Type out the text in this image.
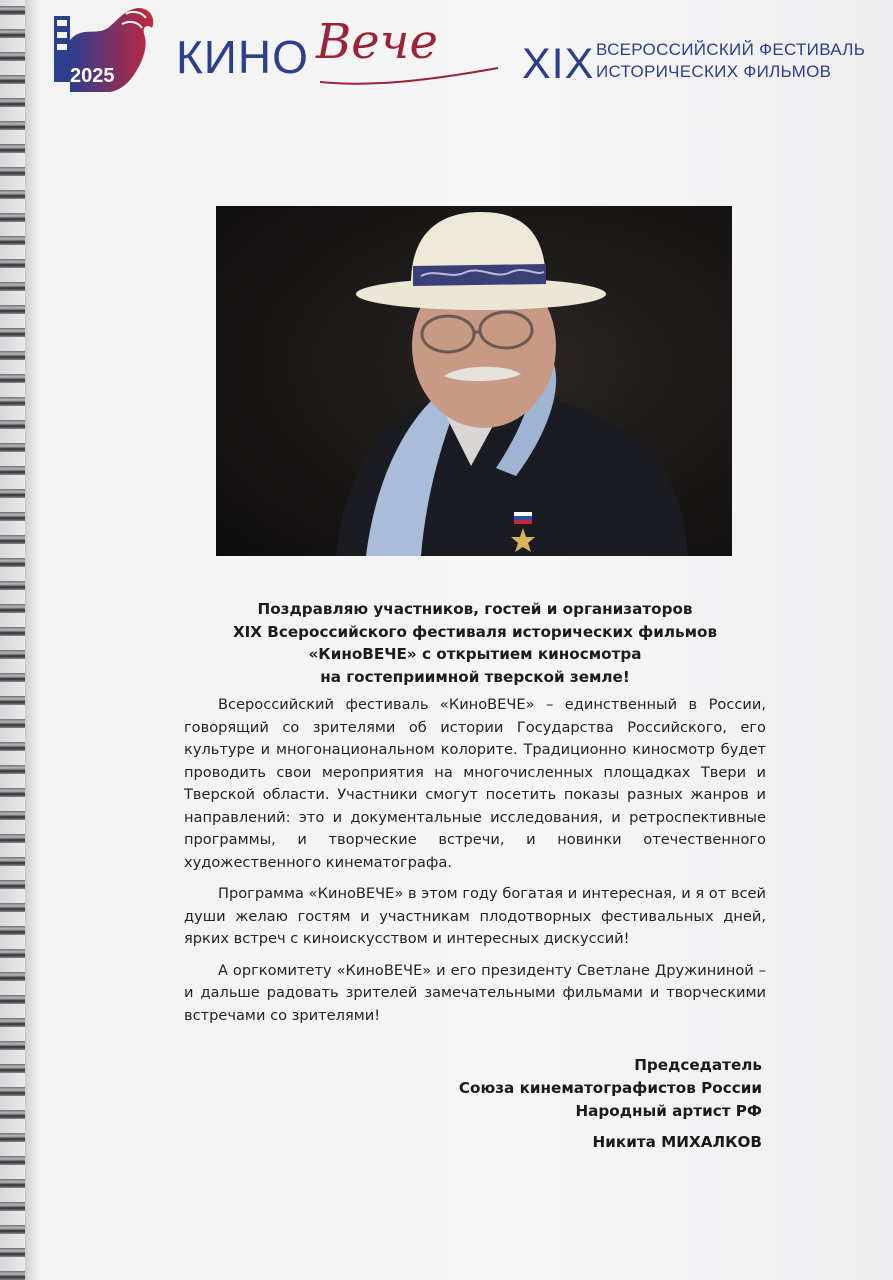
2025 КИНО Вече XIX ВСЕРОССИЙСКИЙ ФЕСТИВАЛЬ
ИСТОРИЧЕСКИХ ФИЛЬМОВ
Поздравляю участников, гостей и организаторов
XIX Всероссийского фестиваля исторических фильмов
«КиноВЕЧЕ» с открытием киносмотра
на гостеприимной тверской земле!

Всероссийский фестиваль «КиноВЕЧЕ» – единственный в России, говорящий со зрителями об истории Государства Российского, его культуре и многонациональном колорите. Традиционно киносмотр будет проводить свои мероприятия на многочисленных площадках Твери и Тверской области. Участники смогут посетить показы разных жанров и направлений: это и документальные исследования, и ретроспективные программы, и творческие встречи, и новинки отечественного художественного кинематографа.

Программа «КиноВЕЧЕ» в этом году богатая и интересная, и я от всей души желаю гостям и участникам плодотворных фестивальных дней, ярких встреч с киноискусством и интересных дискуссий!

А оргкомитету «КиноВЕЧЕ» и его президенту Светлане Дружининой – и дальше радовать зрителей замечательными фильмами и творческими встречами со зрителями!

Председатель
Союза кинематографистов России
Народный артист РФ
Никита МИХАЛКОВ
